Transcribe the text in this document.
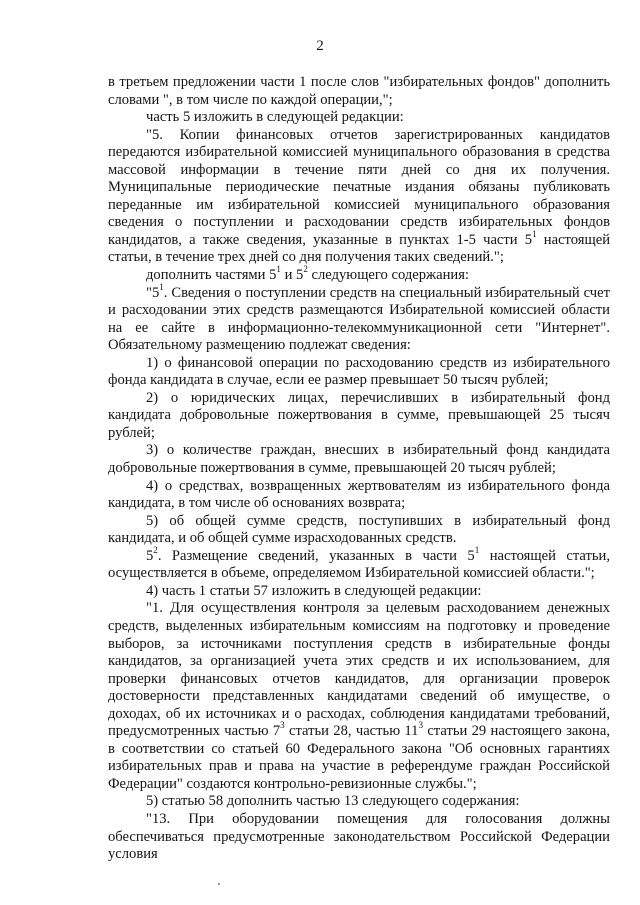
2

в третьем предложении части 1 после слов "избирательных фондов" дополнить словами ", в том числе по каждой операции,";

часть 5 изложить в следующей редакции:

"5. Копии финансовых отчетов зарегистрированных кандидатов передаются избирательной комиссией муниципального образования в средства массовой информации в течение пяти дней со дня их получения. Муниципальные периодические печатные издания обязаны публиковать переданные им избирательной комиссией муниципального образования сведения о поступлении и расходовании средств избирательных фондов кандидатов, а также сведения, указанные в пунктах 1-5 части $5^1$ настоящей статьи, в течение трех дней со дня получения таких сведений.";

дополнить частями $5^1$ и $5^2$ следующего содержания:

"$5^1$. Сведения о поступлении средств на специальный избирательный счет и расходовании этих средств размещаются Избирательной комиссией области на ее сайте в информационно-телекоммуникационной сети "Интернет". Обязательному размещению подлежат сведения:

1) о финансовой операции по расходованию средств из избирательного фонда кандидата в случае, если ее размер превышает 50 тысяч рублей;

2) о юридических лицах, перечисливших в избирательный фонд кандидата добровольные пожертвования в сумме, превышающей 25 тысяч рублей;

3) о количестве граждан, внесших в избирательный фонд кандидата добровольные пожертвования в сумме, превышающей 20 тысяч рублей;

4) о средствах, возвращенных жертвователям из избирательного фонда кандидата, в том числе об основаниях возврата;

5) об общей сумме средств, поступивших в избирательный фонд кандидата, и об общей сумме израсходованных средств.

$5^2$. Размещение сведений, указанных в части $5^1$ настоящей статьи, осуществляется в объеме, определяемом Избирательной комиссией области.";

4) часть 1 статьи 57 изложить в следующей редакции:

"1. Для осуществления контроля за целевым расходованием денежных средств, выделенных избирательным комиссиям на подготовку и проведение выборов, за источниками поступления средств в избирательные фонды кандидатов, за организацией учета этих средств и их использованием, для проверки финансовых отчетов кандидатов, для организации проверок достоверности представленных кандидатами сведений об имуществе, о доходах, об их источниках и о расходах, соблюдения кандидатами требований, предусмотренных частью $7^3$ статьи 28, частью $11^3$ статьи 29 настоящего закона, в соответствии со статьей 60 Федерального закона "Об основных гарантиях избирательных прав и права на участие в референдуме граждан Российской Федерации" создаются контрольно-ревизионные службы.";

5) статью 58 дополнить частью 13 следующего содержания:

"13. При оборудовании помещения для голосования должны обеспечиваться предусмотренные законодательством Российской Федерации условия
